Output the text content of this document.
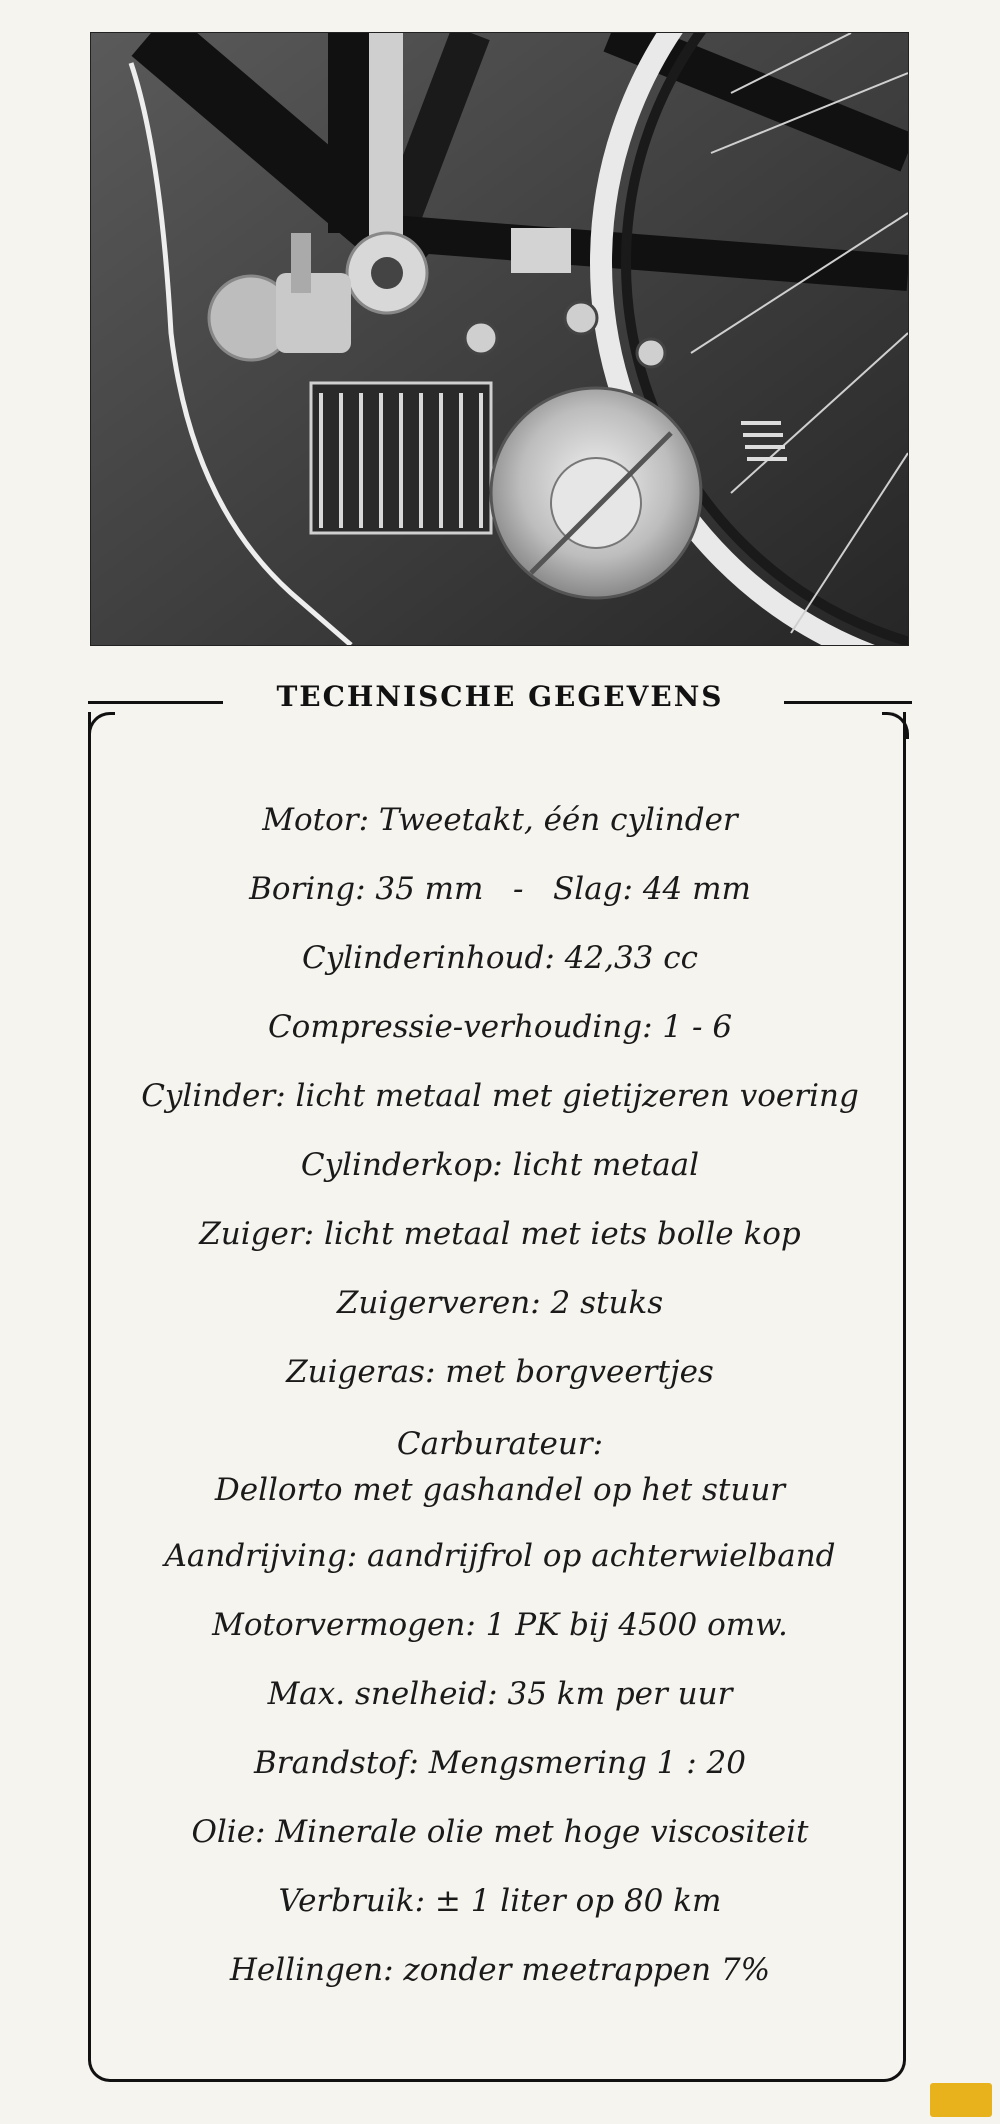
TECHNISCHE GEGEVENS
Motor: Tweetakt, één cylinder
Boring: 35 mm   -   Slag: 44 mm
Cylinderinhoud: 42,33 cc
Compressie-verhouding: 1 - 6
Cylinder: licht metaal met gietijzeren voering
Cylinderkop: licht metaal
Zuiger: licht metaal met iets bolle kop
Zuigerveren: 2 stuks
Zuigeras: met borgveertjes
Carburateur:
Dellorto met gashandel op het stuur
Aandrijving: aandrijfrol op achterwielband
Motorvermogen: 1 PK bij 4500 omw.
Max. snelheid: 35 km per uur
Brandstof: Mengsmering 1 : 20
Olie: Minerale olie met hoge viscositeit
Verbruik: ± 1 liter op 80 km
Hellingen: zonder meetrappen 7%
